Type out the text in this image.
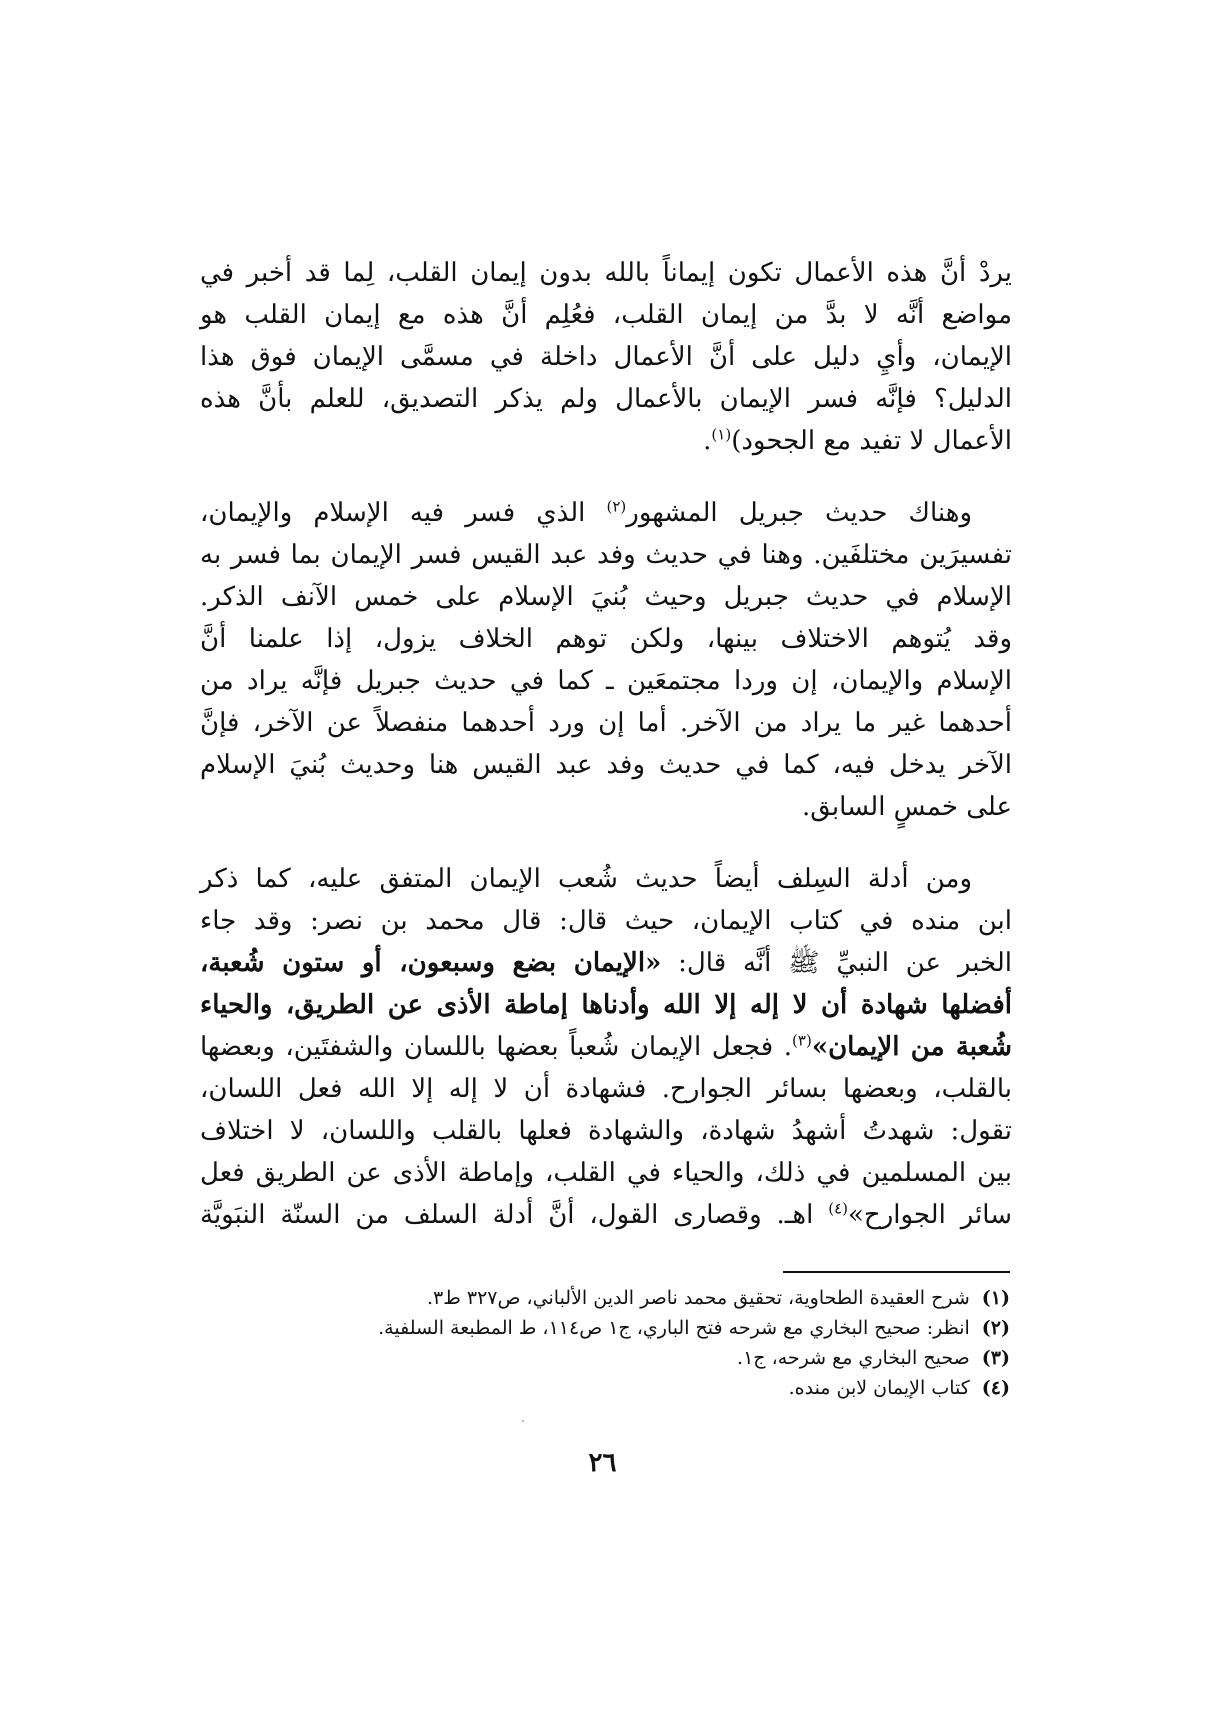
يردْ أنَّ هذه الأعمال تكون إيماناً بالله بدون إيمان القلب، لِما قد أخبر في
مواضع أنَّه لا بدَّ من إيمان القلب، فعُلِم أنَّ هذه مع إيمان القلب هو
الإيمان، وأيِ دليل على أنَّ الأعمال داخلة في مسمَّى الإيمان فوق هذا
الدليل؟ فإنَّه فسر الإيمان بالأعمال ولم يذكر التصديق، للعلم بأنَّ هذه
الأعمال لا تفيد مع الجحود)$^{(١)}$.

وهناك حديث جبريل المشهور$^{(٢)}$ الذي فسر فيه الإسلام والإيمان،
تفسيرَين مختلفَين. وهنا في حديث وفد عبد القيس فسر الإيمان بما فسر به
الإسلام في حديث جبريل وحيث بُنيَ الإسلام على خمس الآنف الذكر.
وقد يُتوهم الاختلاف بينها، ولكن توهم الخلاف يزول، إذا علمنا أنَّ
الإسلام والإيمان، إن وردا مجتمعَين ـ كما في حديث جبريل فإنَّه يراد من
أحدهما غير ما يراد من الآخر. أما إن ورد أحدهما منفصلاً عن الآخر، فإنَّ
الآخر يدخل فيه، كما في حديث وفد عبد القيس هنا وحديث بُنيَ الإسلام
على خمسٍ السابق.

ومن أدلة السِلف أيضاً حديث شُعب الإيمان المتفق عليه، كما ذكر
ابن منده في كتاب الإيمان، حيث قال: قال محمد بن نصر: وقد جاء
الخبر عن النبيِّ ﷺ أنَّه قال: «الإيمان بضع وسبعون، أو ستون شُعبة،
أفضلها شهادة أن لا إله إلا الله وأدناها إماطة الأذى عن الطريق، والحياء
شُعبة من الإيمان»$^{(٣)}$. فجعل الإيمان شُعباً بعضها باللسان والشفتَين، وبعضها
بالقلب، وبعضها بسائر الجوارح. فشهادة أن لا إله إلا الله فعل اللسان،
تقول: شهدتُ أشهدُ شهادة، والشهادة فعلها بالقلب واللسان، لا اختلاف
بين المسلمين في ذلك، والحياء في القلب، وإماطة الأذى عن الطريق فعل
سائر الجوارح»$^{(٤)}$ اهـ. وقصارى القول، أنَّ أدلة السلف من السنّة النبَويَّة

(١)
شرح العقيدة الطحاوية، تحقيق محمد ناصر الدين الألباني، ص٣٢٧ ط٣.
(٢)
انظر: صحيح البخاري مع شرحه فتح الباري، ج١ ص١١٤، ط المطبعة السلفية.
(٣)
صحيح البخاري مع شرحه، ج١.
(٤)
كتاب الإيمان لابن منده.
٢٦
